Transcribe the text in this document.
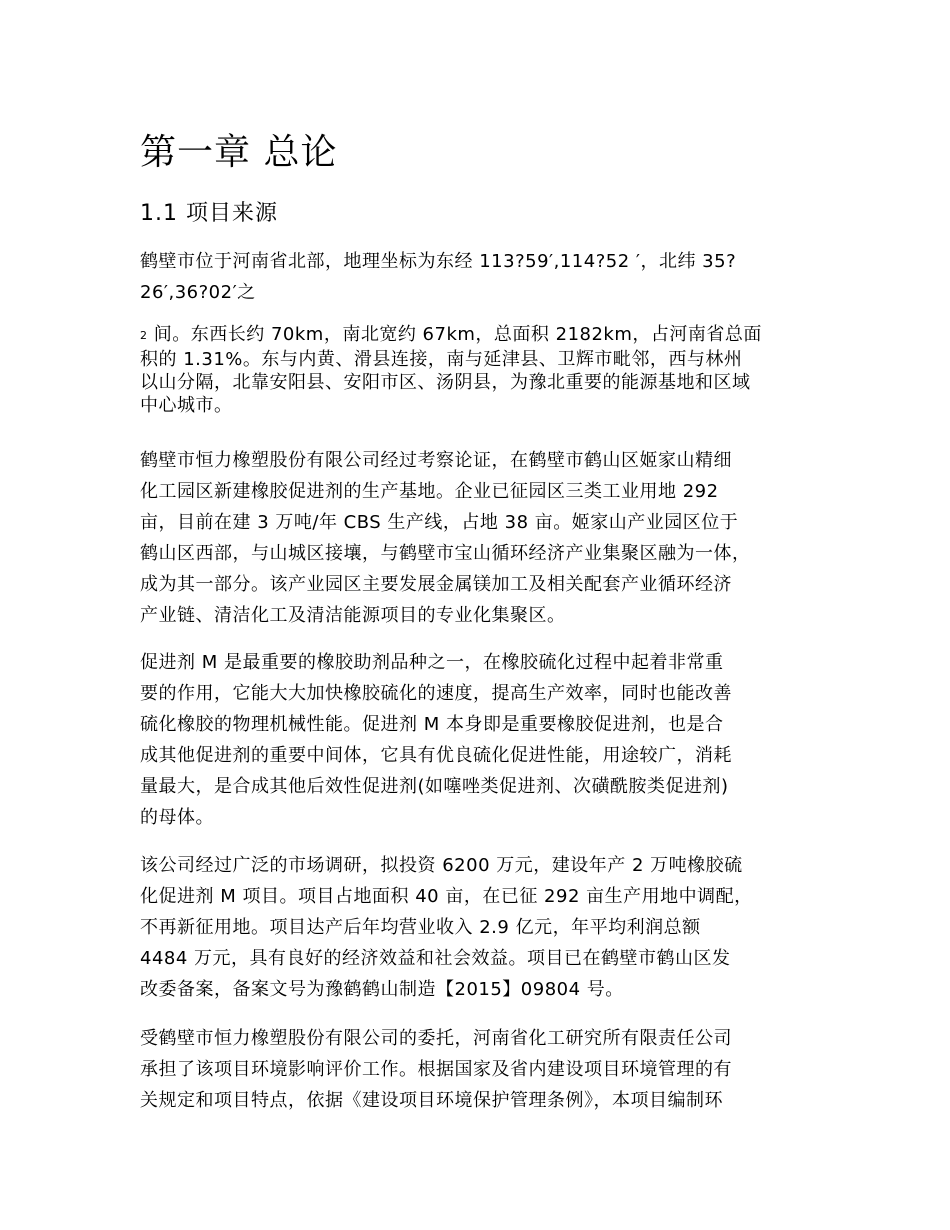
第一章 总论
1.1 项目来源

鹤壁市位于河南省北部，地理坐标为东经 113?59′,114?52 ′，北纬 35?
26′,36?02′之

2 间。东西长约 70km，南北宽约 67km，总面积 2182km，占河南省总面
积的 1.31%。东与内黄、滑县连接，南与延津县、卫辉市毗邻，西与林州
以山分隔，北靠安阳县、安阳市区、汤阴县，为豫北重要的能源基地和区域
中心城市。

鹤壁市恒力橡塑股份有限公司经过考察论证，在鹤壁市鹤山区姬家山精细
化工园区新建橡胶促进剂的生产基地。企业已征园区三类工业用地 292
亩，目前在建 3 万吨/年 CBS 生产线，占地 38 亩。姬家山产业园区位于
鹤山区西部，与山城区接壤，与鹤壁市宝山循环经济产业集聚区融为一体，
成为其一部分。该产业园区主要发展金属镁加工及相关配套产业循环经济
产业链、清洁化工及清洁能源项目的专业化集聚区。

促进剂 M 是最重要的橡胶助剂品种之一，在橡胶硫化过程中起着非常重
要的作用，它能大大加快橡胶硫化的速度，提高生产效率，同时也能改善
硫化橡胶的物理机械性能。促进剂 M 本身即是重要橡胶促进剂，也是合
成其他促进剂的重要中间体，它具有优良硫化促进性能，用途较广，消耗
量最大，是合成其他后效性促进剂(如噻唑类促进剂、次磺酰胺类促进剂)
的母体。

该公司经过广泛的市场调研，拟投资 6200 万元，建设年产 2 万吨橡胶硫
化促进剂 M 项目。项目占地面积 40 亩，在已征 292 亩生产用地中调配，
不再新征用地。项目达产后年均营业收入 2.9 亿元，年平均利润总额
4484 万元，具有良好的经济效益和社会效益。项目已在鹤壁市鹤山区发
改委备案，备案文号为豫鹤鹤山制造【2015】09804 号。

受鹤壁市恒力橡塑股份有限公司的委托，河南省化工研究所有限责任公司
承担了该项目环境影响评价工作。根据国家及省内建设项目环境管理的有
关规定和项目特点，依据《建设项目环境保护管理条例》，本项目编制环
